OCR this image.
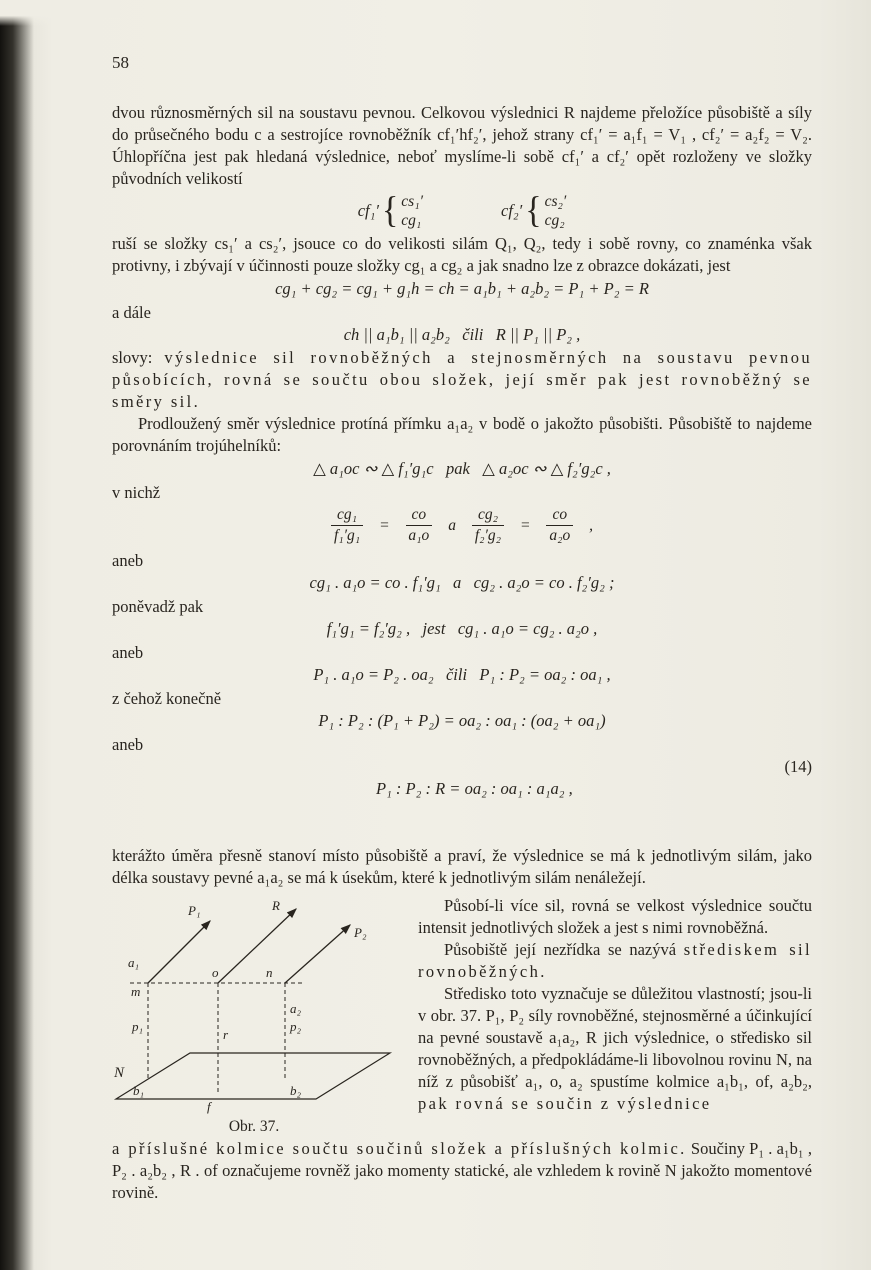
58

dvou různosměrných sil na soustavu pevnou. Celkovou výslednici R najdeme přeložíce působiště a síly do průsečného bodu c a sestrojíce rovnoběžník cf₁′hf₂′, jehož strany cf₁′ = a₁f₁ = V₁ , cf₂′ = a₂f₂ = V₂. Úhlopříčna jest pak hledaná výslednice, neboť myslíme-li sobě cf₁′ a cf₂′ opět rozloženy ve složky původních velikostí

cf₁′ { cs₁′
cg₁
cf₂′ { cs₂′
cg₂

ruší se složky cs₁′ a cs₂′, jsouce co do velikosti silám Q₁, Q₂, tedy i sobě rovny, co znaménka však protivny, i zbývají v účinnosti pouze složky cg₁ a cg₂ a jak snadno lze z obrazce dokázati, jest

cg₁ + cg₂ = cg₁ + g₁h = ch = a₁b₁ + a₂b₂ = P₁ + P₂ = R
a dále
ch || a₁b₁ || a₂b₂   čili   R || P₁ || P₂ ,

slovy: výslednice sil rovnoběžných a stejnosměrných na soustavu pevnou působících, rovná se součtu obou složek, její směr pak jest rovnoběžný se směry sil.

Prodloužený směr výslednice protíná přímku a₁a₂ v bodě o jakožto působišti. Působiště to najdeme porovnáním trojúhelníků:

△ a₁oc ∾ △ f₁′g₁c   pak   △ a₂oc ∾ △ f₂′g₂c ,
v nichž
$\frac{\text{cg₁}}{\text{f₁′g₁}} = \frac{co}{\text{a₁o}}$ a $\frac{\text{cg₂}}{\text{f₂′g₂}} = \frac{co}{\text{a₂o}}$ ,
aneb
cg₁ . a₁o = co . f₁′g₁   a   cg₂ . a₂o = co . f₂′g₂ ;
poněvadž pak
f₁′g₁ = f₂′g₂ ,   jest   cg₁ . a₁o = cg₂ . a₂o ,
aneb
P₁ . a₁o = P₂ . oa₂   čili   P₁ : P₂ = oa₂ : oa₁ ,
z čehož konečně
P₁ : P₂ : (P₁ + P₂) = oa₂ : oa₁ : (oa₂ + oa₁)
aneb

P₁ : P₂ : R = oa₂ : oa₁ : a₁a₂ ,

(14)

kterážto úměra přesně stanoví místo působiště a praví, že výslednice se má k jednotlivým silám, jako délka soustavy pevné a₁a₂ se má k úsekům, které k jednotlivým silám nenáležejí.

a₁
m
o	n
P₁	R
P₂
p₁
r
a₂
p₂
b₁
f
b₂
N
Obr. 37.

Působí-li více sil, rovná se velkost výslednice součtu intensit jednotlivých složek a jest s nimi rovnoběžná.

Působiště její nezřídka se nazývá střediskem sil rovnoběžných.

Středisko toto vyznačuje se důležitou vlastností; jsou-li v obr. 37. P₁, P₂ síly rovnoběžné, stejnosměrné a účinkující na pevné soustavě a₁a₂, R jich výslednice, o středisko sil rovnoběžných, a předpokládáme-li libovolnou rovinu N, na níž z působišť a₁, o, a₂ spustíme kolmice a₁b₁, of, a₂b₂, pak rovná se součin z výslednice

a příslušné kolmice součtu součinů složek a příslušných kolmic. Součiny P₁ . a₁b₁ , P₂ . a₂b₂ , R . of označujeme rovněž jako momenty statické, ale vzhledem k rovině N jakožto momentové rovině.
